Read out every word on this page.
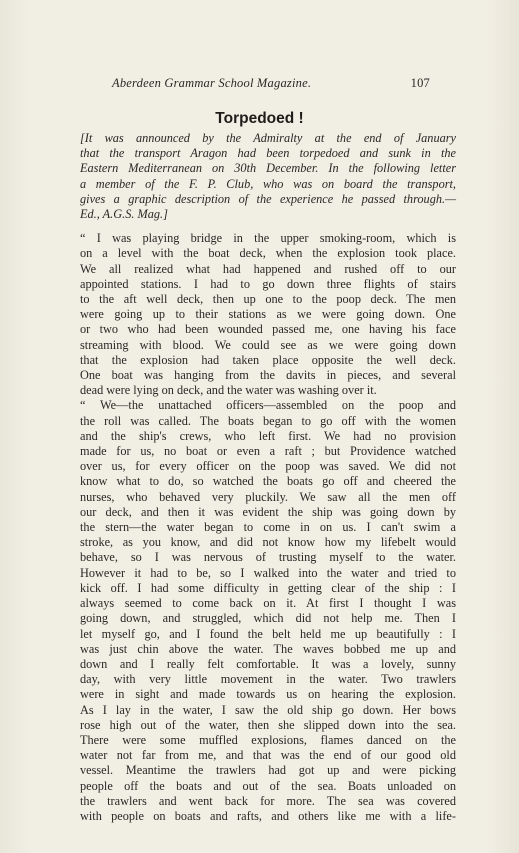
Aberdeen Grammar School Magazine.	107
Torpedoed !
[It was announced by the Admiralty at the end of January
that the transport Aragon had been torpedoed and sunk in the
Eastern Mediterranean on 30th December. In the following letter
a member of the F. P. Club, who was on board the transport,
gives a graphic description of the experience he passed through.—
Ed., A.G.S. Mag.]
“ I was playing bridge in the upper smoking-room, which is
on a level with the boat deck, when the explosion took place.
We all realized what had happened and rushed off to our
appointed stations. I had to go down three flights of stairs
to the aft well deck, then up one to the poop deck. The men
were going up to their stations as we were going down. One
or two who had been wounded passed me, one having his face
streaming with blood. We could see as we were going down
that the explosion had taken place opposite the well deck.
One boat was hanging from the davits in pieces, and several
dead were lying on deck, and the water was washing over it.
“ We—the unattached officers—assembled on the poop and
the roll was called. The boats began to go off with the women
and the ship's crews, who left first. We had no provision
made for us, no boat or even a raft ; but Providence watched
over us, for every officer on the poop was saved. We did not
know what to do, so watched the boats go off and cheered the
nurses, who behaved very pluckily. We saw all the men off
our deck, and then it was evident the ship was going down by
the stern—the water began to come in on us. I can't swim a
stroke, as you know, and did not know how my lifebelt would
behave, so I was nervous of trusting myself to the water.
However it had to be, so I walked into the water and tried to
kick off. I had some difficulty in getting clear of the ship : I
always seemed to come back on it. At first I thought I was
going down, and struggled, which did not help me. Then I
let myself go, and I found the belt held me up beautifully : I
was just chin above the water. The waves bobbed me up and
down and I really felt comfortable. It was a lovely, sunny
day, with very little movement in the water. Two trawlers
were in sight and made towards us on hearing the explosion.
As I lay in the water, I saw the old ship go down. Her bows
rose high out of the water, then she slipped down into the sea.
There were some muffled explosions, flames danced on the
water not far from me, and that was the end of our good old
vessel. Meantime the trawlers had got up and were picking
people off the boats and out of the sea. Boats unloaded on
the trawlers and went back for more. The sea was covered
with people on boats and rafts, and others like me with a life-
